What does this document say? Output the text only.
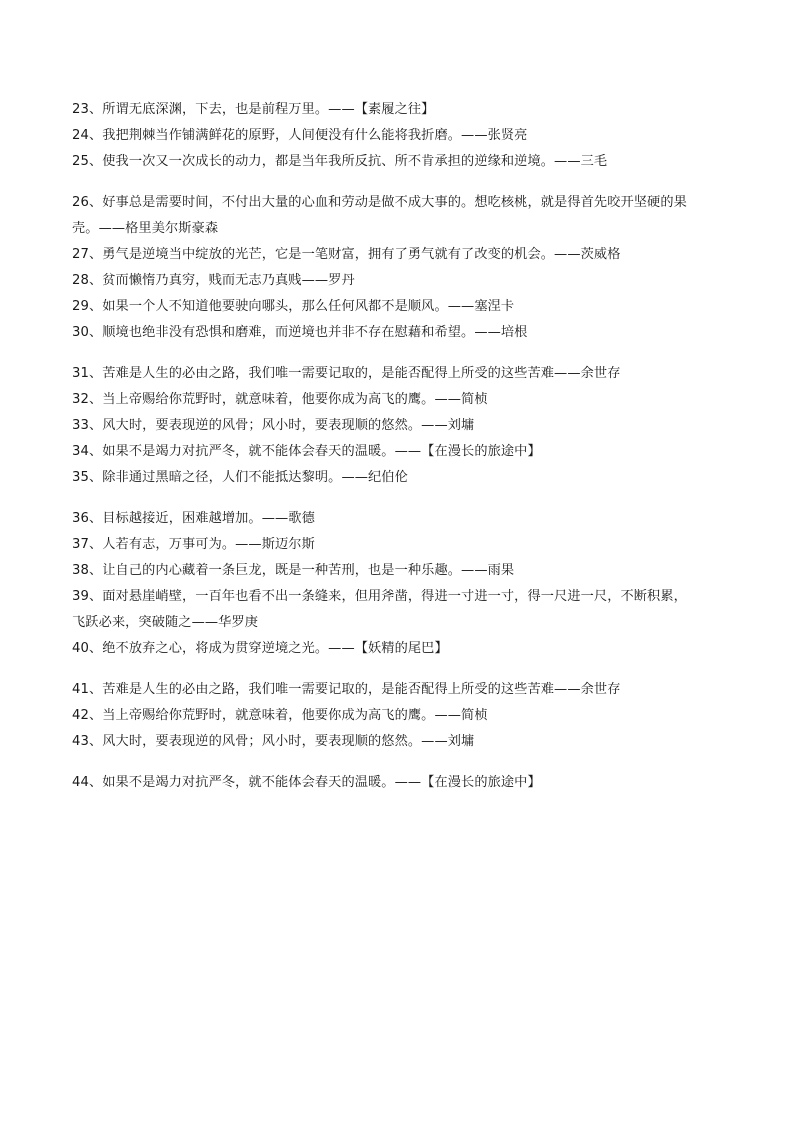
23、所谓无底深渊，下去，也是前程万里。——【素履之往】
24、我把荆棘当作铺满鲜花的原野，人间便没有什么能将我折磨。——张贤亮
25、使我一次又一次成长的动力，都是当年我所反抗、所不肯承担的逆缘和逆境。——三毛
26、好事总是需要时间，不付出大量的心血和劳动是做不成大事的。想吃核桃，就是得首先咬开坚硬的果
壳。——格里美尔斯豪森
27、勇气是逆境当中绽放的光芒，它是一笔财富，拥有了勇气就有了改变的机会。——茨威格
28、贫而懒惰乃真穷，贱而无志乃真贱——罗丹
29、如果一个人不知道他要驶向哪头，那么任何风都不是顺风。——塞涅卡
30、顺境也绝非没有恐惧和磨难，而逆境也并非不存在慰藉和希望。——培根
31、苦难是人生的必由之路，我们唯一需要记取的，是能否配得上所受的这些苦难——余世存
32、当上帝赐给你荒野时，就意味着，他要你成为高飞的鹰。——简桢
33、风大时，要表现逆的风骨；风小时，要表现顺的悠然。——刘墉
34、如果不是竭力对抗严冬，就不能体会春天的温暖。——【在漫长的旅途中】
35、除非通过黑暗之径，人们不能抵达黎明。——纪伯伦
36、目标越接近，困难越增加。——歌德
37、人若有志，万事可为。——斯迈尔斯
38、让自己的内心藏着一条巨龙，既是一种苦刑，也是一种乐趣。——雨果
39、面对悬崖峭壁，一百年也看不出一条缝来，但用斧凿，得进一寸进一寸，得一尺进一尺，不断积累，
飞跃必来，突破随之——华罗庚
40、绝不放弃之心，将成为贯穿逆境之光。——【妖精的尾巴】
41、苦难是人生的必由之路，我们唯一需要记取的，是能否配得上所受的这些苦难——余世存
42、当上帝赐给你荒野时，就意味着，他要你成为高飞的鹰。——简桢
43、风大时，要表现逆的风骨；风小时，要表现顺的悠然。——刘墉
44、如果不是竭力对抗严冬，就不能体会春天的温暖。——【在漫长的旅途中】
